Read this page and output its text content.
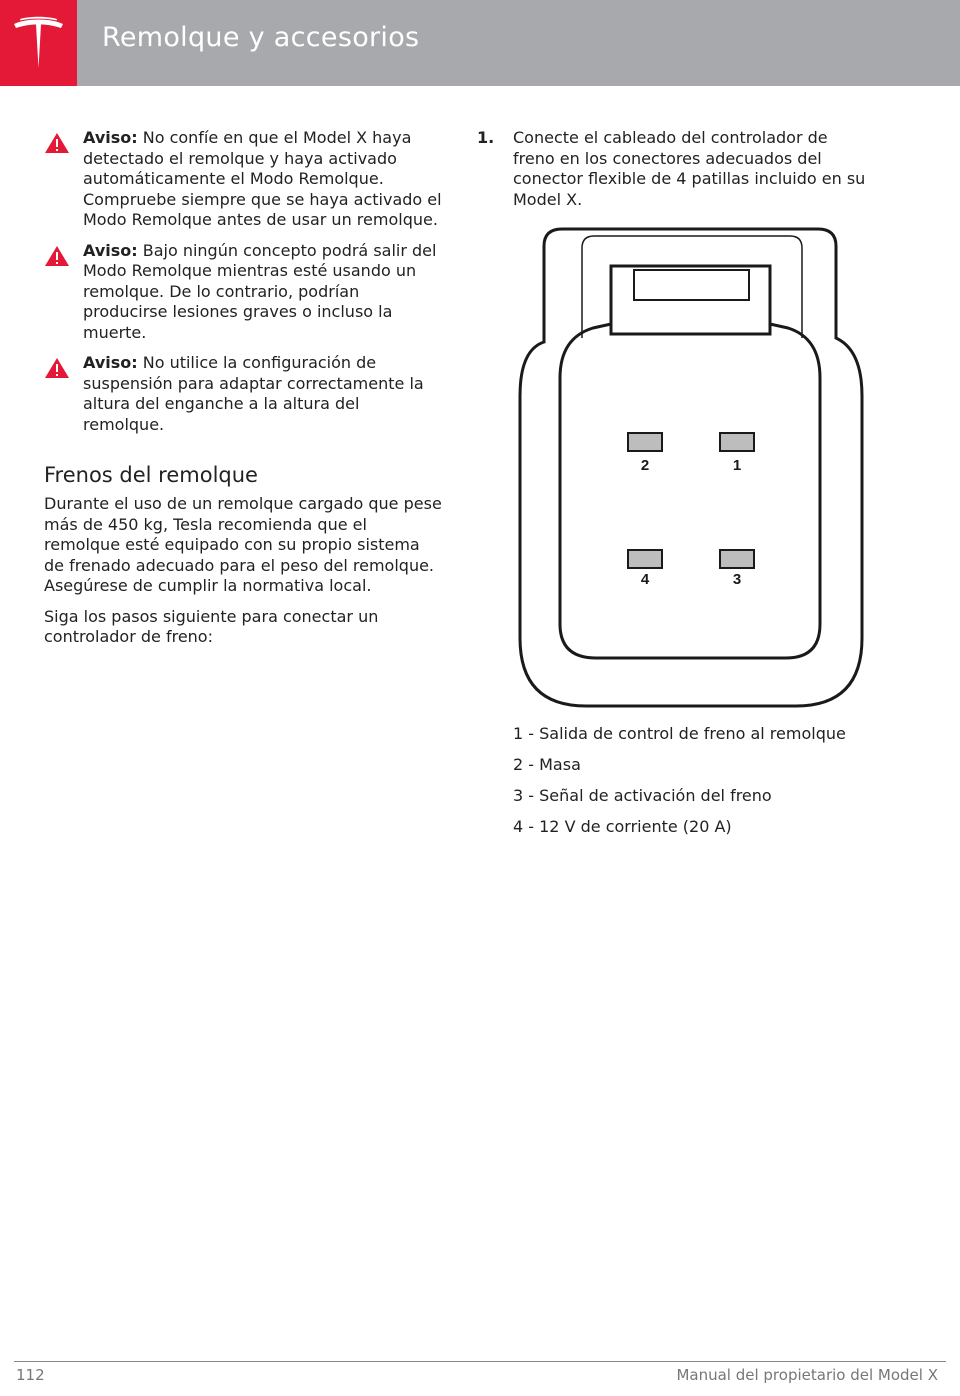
Remolque y accesorios
Aviso: No confíe en que el Model X haya detectado el remolque y haya activado automáticamente el Modo Remolque. Compruebe siempre que se haya activado el Modo Remolque antes de usar un remolque.
Aviso: Bajo ningún concepto podrá salir del Modo Remolque mientras esté usando un remolque. De lo contrario, podrían producirse lesiones graves o incluso la muerte.
Aviso: No utilice la configuración de suspensión para adaptar correctamente la altura del enganche a la altura del remolque.
Frenos del remolque

Durante el uso de un remolque cargado que pese más de 450 kg, Tesla recomienda que el remolque esté equipado con su propio sistema de frenado adecuado para el peso del remolque. Asegúrese de cumplir la normativa local.

Siga los pasos siguiente para conectar un controlador de freno:

1. Conecte el cableado del controlador de freno en los conectores adecuados del conector flexible de 4 patillas incluido en su Model X.
2	1
4	3
1 - Salida de control de freno al remolque
2 - Masa
3 - Señal de activación del freno
4 - 12 V de corriente (20 A)
112	Manual del propietario del Model X
